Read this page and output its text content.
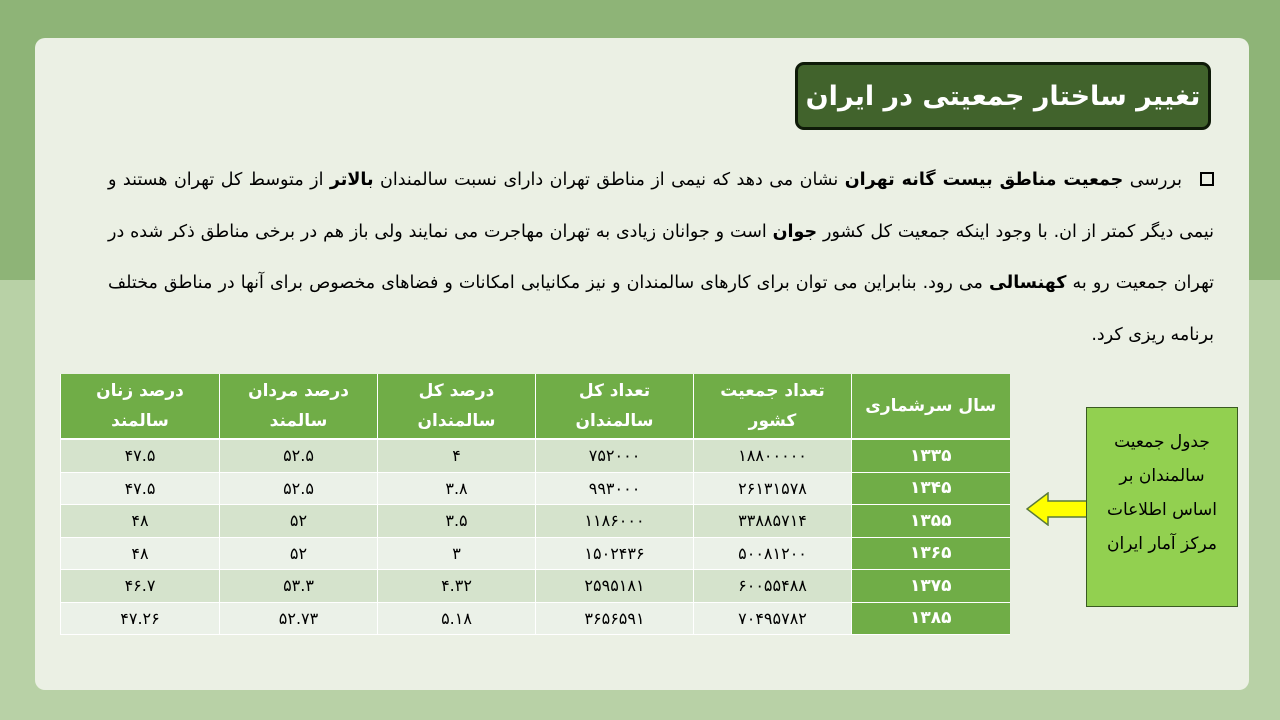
تغییر ساختار جمعیتی در ایران
بررسی جمعیت مناطق بیست گانه تهران نشان می دهد که نیمی از مناطق تهران دارای نسبت سالمندان بالاتر از متوسط کل تهران هستند و نیمی دیگر کمتر از ان. با وجود اینکه جمعیت کل کشور جوان است و جوانان زیادی به تهران مهاجرت می نمایند ولی باز هم در برخی مناطق ذکر شده در تهران جمعیت رو به کهنسالی می رود. بنابراین می توان برای کارهای سالمندان و نیز مکانیابی امکانات و فضاهای مخصوص برای آنها در مناطق مختلف برنامه ریزی کرد.
سال سرشماری	تعداد جمعیت کشور	تعداد کل سالمندان	درصد کل سالمندان	درصد مردان سالمند	درصد زنان سالمند
۱۳۳۵	۱۸۸۰۰۰۰۰	۷۵۲۰۰۰	۴	۵۲.۵	۴۷.۵
۱۳۴۵	۲۶۱۳۱۵۷۸	۹۹۳۰۰۰	۳.۸	۵۲.۵	۴۷.۵
۱۳۵۵	۳۳۸۸۵۷۱۴	۱۱۸۶۰۰۰	۳.۵	۵۲	۴۸
۱۳۶۵	۵۰۰۸۱۲۰۰	۱۵۰۲۴۳۶	۳	۵۲	۴۸
۱۳۷۵	۶۰۰۵۵۴۸۸	۲۵۹۵۱۸۱	۴.۳۲	۵۳.۳	۴۶.۷
۱۳۸۵	۷۰۴۹۵۷۸۲	۳۶۵۶۵۹۱	۵.۱۸	۵۲.۷۳	۴۷.۲۶
جدول جمعیت سالمندان بر اساس اطلاعات مرکز آمار ایران
